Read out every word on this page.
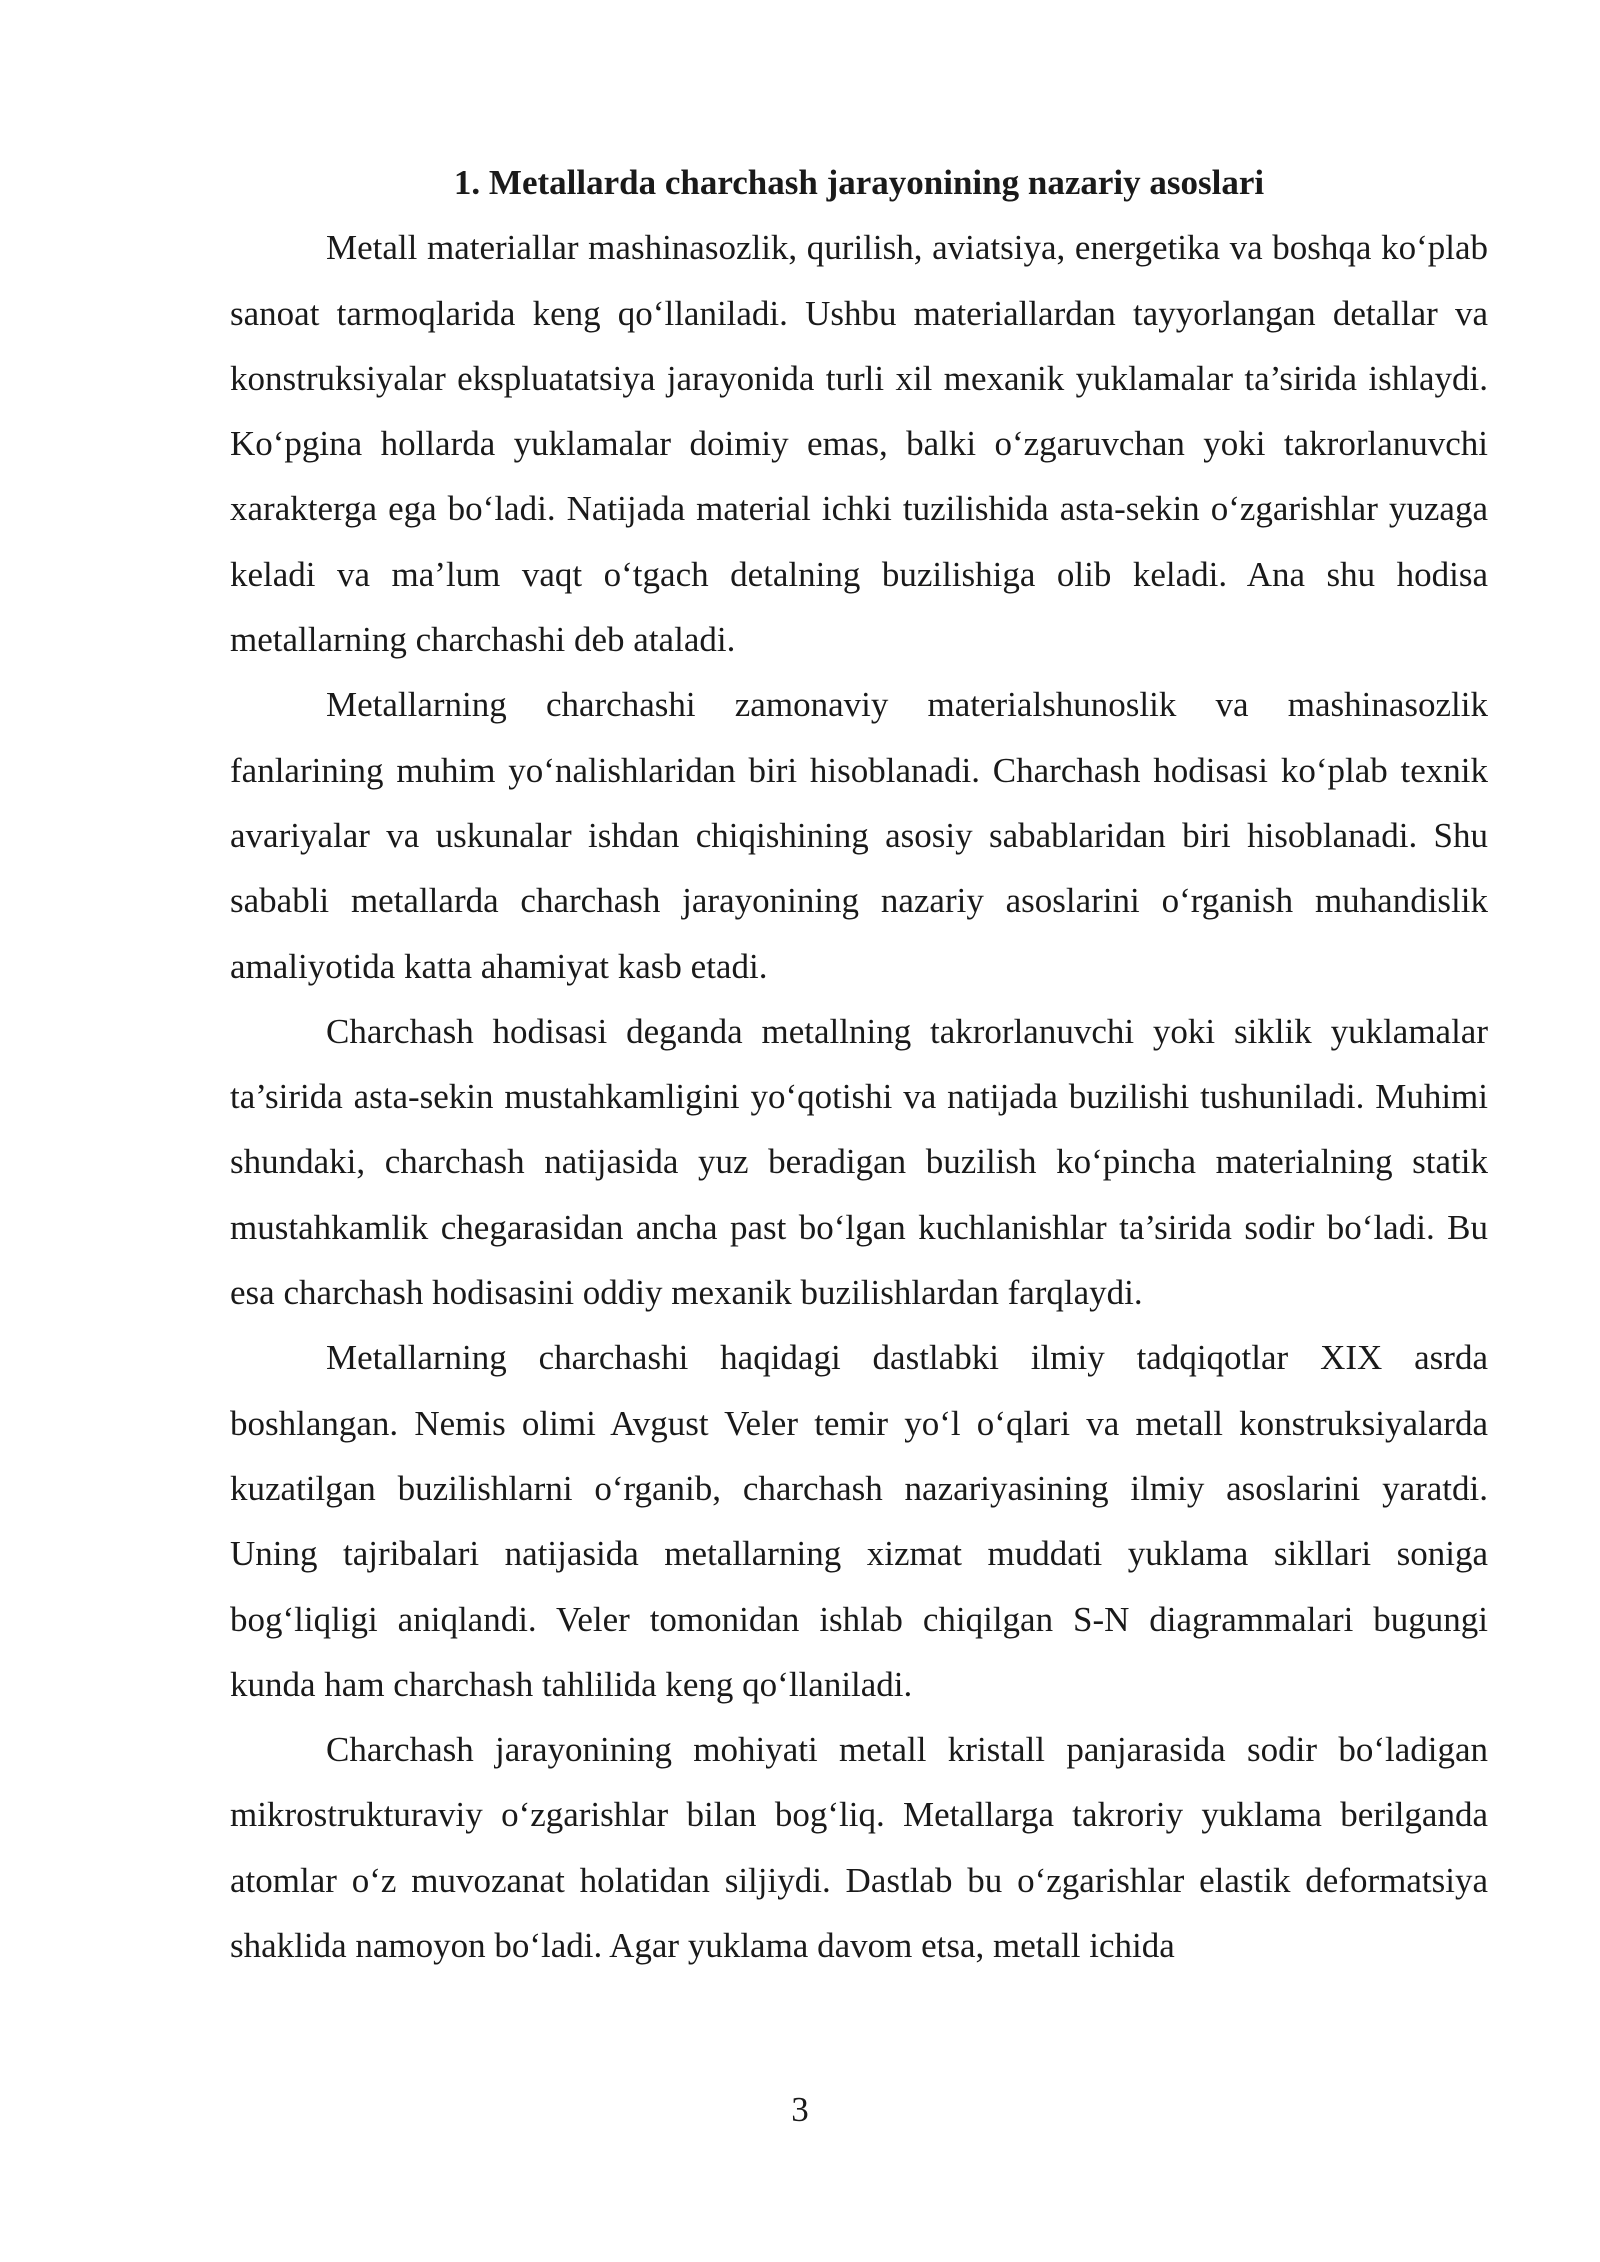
1. Metallarda charchash jarayonining nazariy asoslari

Metall materiallar mashinasozlik, qurilish, aviatsiya, energetika va boshqa ko‘plab sanoat tarmoqlarida keng qo‘llaniladi. Ushbu materiallardan tayyorlangan detallar va konstruksiyalar ekspluatatsiya jarayonida turli xil mexanik yuklamalar ta’sirida ishlaydi. Ko‘pgina hollarda yuklamalar doimiy emas, balki o‘zgaruvchan yoki takrorlanuvchi xarakterga ega bo‘ladi. Natijada material ichki tuzilishida asta-sekin o‘zgarishlar yuzaga keladi va ma’lum vaqt o‘tgach detalning buzilishiga olib keladi. Ana shu hodisa metallarning charchashi deb ataladi.

Metallarning charchashi zamonaviy materialshunoslik va mashinasozlik fanlarining muhim yo‘nalishlaridan biri hisoblanadi. Charchash hodisasi ko‘plab texnik avariyalar va uskunalar ishdan chiqishining asosiy sabablaridan biri hisoblanadi. Shu sababli metallarda charchash jarayonining nazariy asoslarini o‘rganish muhandislik amaliyotida katta ahamiyat kasb etadi.

Charchash hodisasi deganda metallning takrorlanuvchi yoki siklik yuklamalar ta’sirida asta-sekin mustahkamligini yo‘qotishi va natijada buzilishi tushuniladi. Muhimi shundaki, charchash natijasida yuz beradigan buzilish ko‘pincha materialning statik mustahkamlik chegarasidan ancha past bo‘lgan kuchlanishlar ta’sirida sodir bo‘ladi. Bu esa charchash hodisasini oddiy mexanik buzilishlardan farqlaydi.

Metallarning charchashi haqidagi dastlabki ilmiy tadqiqotlar XIX asrda boshlangan. Nemis olimi Avgust Veler temir yo‘l o‘qlari va metall konstruksiyalarda kuzatilgan buzilishlarni o‘rganib, charchash nazariyasining ilmiy asoslarini yaratdi. Uning tajribalari natijasida metallarning xizmat muddati yuklama sikllari soniga bog‘liqligi aniqlandi. Veler tomonidan ishlab chiqilgan S-N diagrammalari bugungi kunda ham charchash tahlilida keng qo‘llaniladi.

Charchash jarayonining mohiyati metall kristall panjarasida sodir bo‘ladigan mikrostrukturaviy o‘zgarishlar bilan bog‘liq. Metallarga takroriy yuklama berilganda atomlar o‘z muvozanat holatidan siljiydi. Dastlab bu o‘zgarishlar elastik deformatsiya shaklida namoyon bo‘ladi. Agar yuklama davom etsa, metall ichida

3
